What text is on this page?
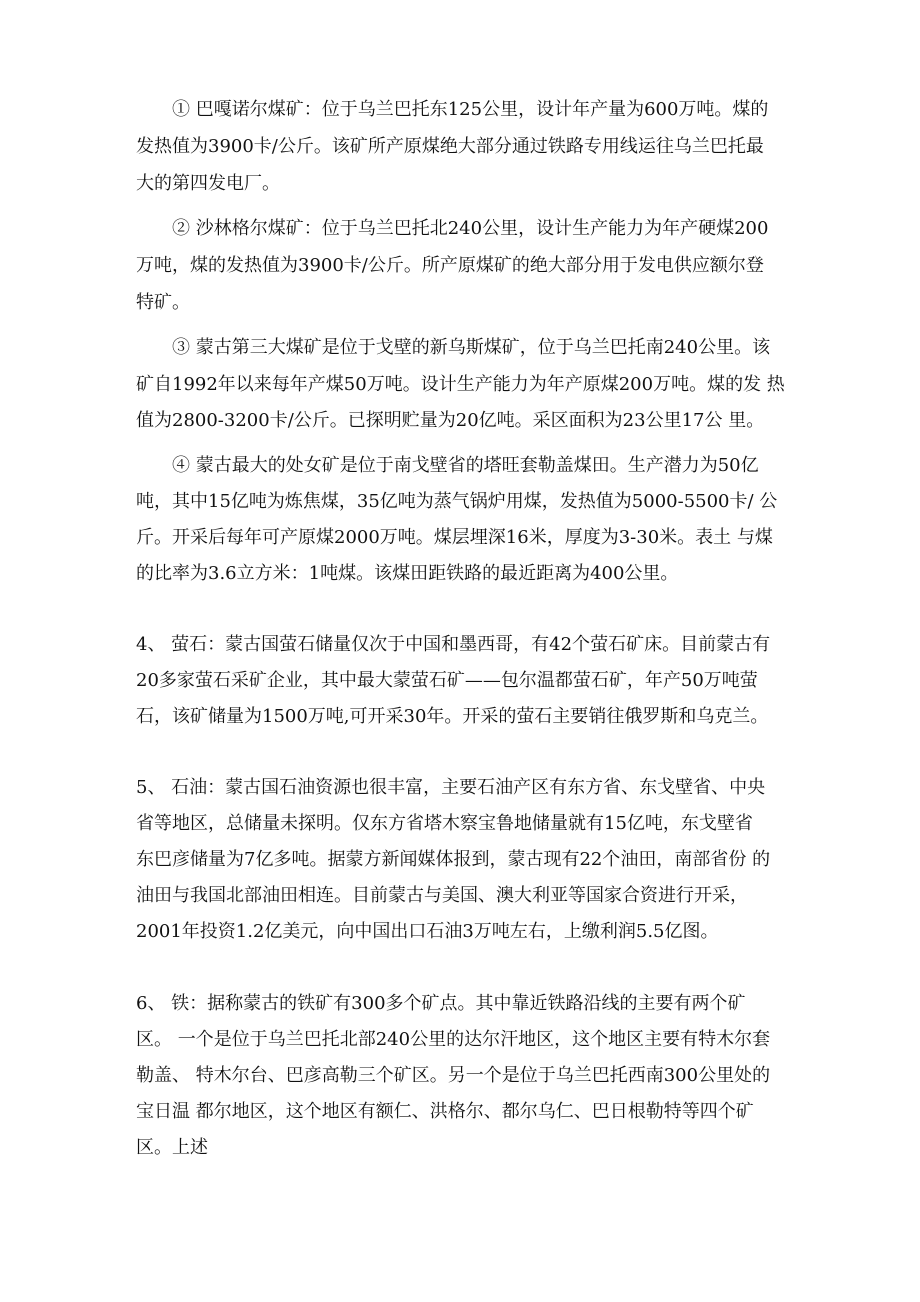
① 巴嘎诺尔煤矿：位于乌兰巴托东125公里，设计年产量为600万吨。煤的
发热值为3900卡/公斤。该矿所产原煤绝大部分通过铁路专用线运往乌兰巴托最
大的第四发电厂。
② 沙林格尔煤矿：位于乌兰巴托北240公里，设计生产能力为年产硬煤200
万吨，煤的发热值为3900卡/公斤。所产原煤矿的绝大部分用于发电供应额尔登
特矿。
③ 蒙古第三大煤矿是位于戈壁的新乌斯煤矿，位于乌兰巴托南240公里。该
矿自1992年以来每年产煤50万吨。设计生产能力为年产原煤200万吨。煤的发 热
值为2800-3200卡/公斤。已探明贮量为20亿吨。采区面积为23公里17公 里。
④ 蒙古最大的处女矿是位于南戈壁省的塔旺套勒盖煤田。生产潜力为50亿
吨，其中15亿吨为炼焦煤，35亿吨为蒸气锅炉用煤，发热值为5000-5500卡/ 公
斤。开采后每年可产原煤2000万吨。煤层埋深16米，厚度为3-30米。表土 与煤
的比率为3.6立方米：1吨煤。该煤田距铁路的最近距离为400公里。
4、 萤石：蒙古国萤石储量仅次于中国和墨西哥，有42个萤石矿床。目前蒙古有
20多家萤石采矿企业，其中最大蒙萤石矿——包尔温都萤石矿，年产50万吨萤
石，该矿储量为1500万吨,可开采30年。开采的萤石主要销往俄罗斯和乌克兰。
5、 石油：蒙古国石油资源也很丰富，主要石油产区有东方省、东戈壁省、中央
省等地区，总储量未探明。仅东方省塔木察宝鲁地储量就有15亿吨，东戈壁省
东巴彦储量为7亿多吨。据蒙方新闻媒体报到，蒙古现有22个油田，南部省份 的
油田与我国北部油田相连。目前蒙古与美国、澳大利亚等国家合资进行开采，
2001年投资1.2亿美元，向中国出口石油3万吨左右，上缴利润5.5亿图。
6、 铁：据称蒙古的铁矿有300多个矿点。其中靠近铁路沿线的主要有两个矿
区。 一个是位于乌兰巴托北部240公里的达尔汗地区，这个地区主要有特木尔套
勒盖、 特木尔台、巴彦高勒三个矿区。另一个是位于乌兰巴托西南300公里处的
宝日温 都尔地区，这个地区有额仁、洪格尔、都尔乌仁、巴日根勒特等四个矿
区。上述
